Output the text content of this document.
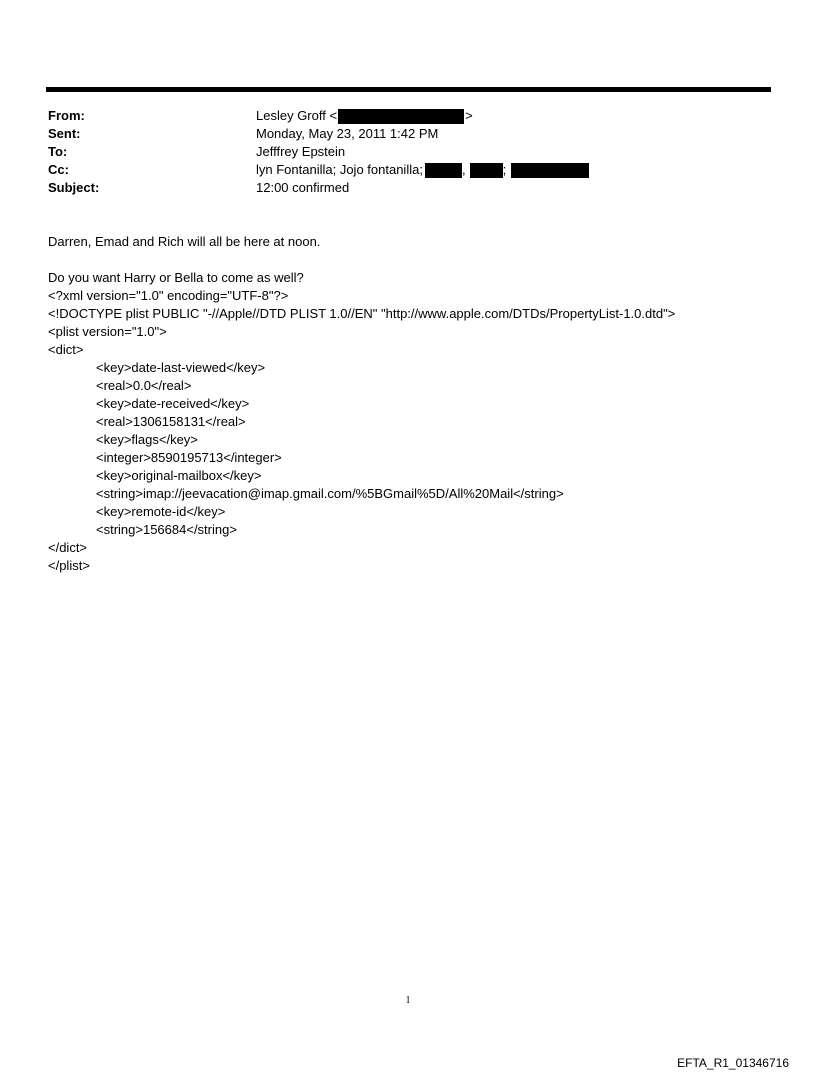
From:	Lesley Groff <	>
Sent:	Monday, May 23, 2011 1:42 PM
To:	Jefffrey Epstein
Cc:	lyn Fontanilla; Jojo fontanilla;	,	;
Subject:	12:00 confirmed

Darren, Emad and Rich will all be here at noon.

Do you want Harry or Bella to come as well?

<?xml version="1.0" encoding="UTF-8"?>

<!DOCTYPE plist PUBLIC "-//Apple//DTD PLIST 1.0//EN" "http://www.apple.com/DTDs/PropertyList-1.0.dtd">

<plist version="1.0">

<dict>

<key>date-last-viewed</key>

<real>0.0</real>

<key>date-received</key>

<real>1306158131</real>

<key>flags</key>

<integer>8590195713</integer>

<key>original-mailbox</key>

<string>imap://jeevacation@imap.gmail.com/%5BGmail%5D/All%20Mail</string>

<key>remote-id</key>

<string>156684</string>

</dict>

</plist>

1
EFTA_R1_01346716
